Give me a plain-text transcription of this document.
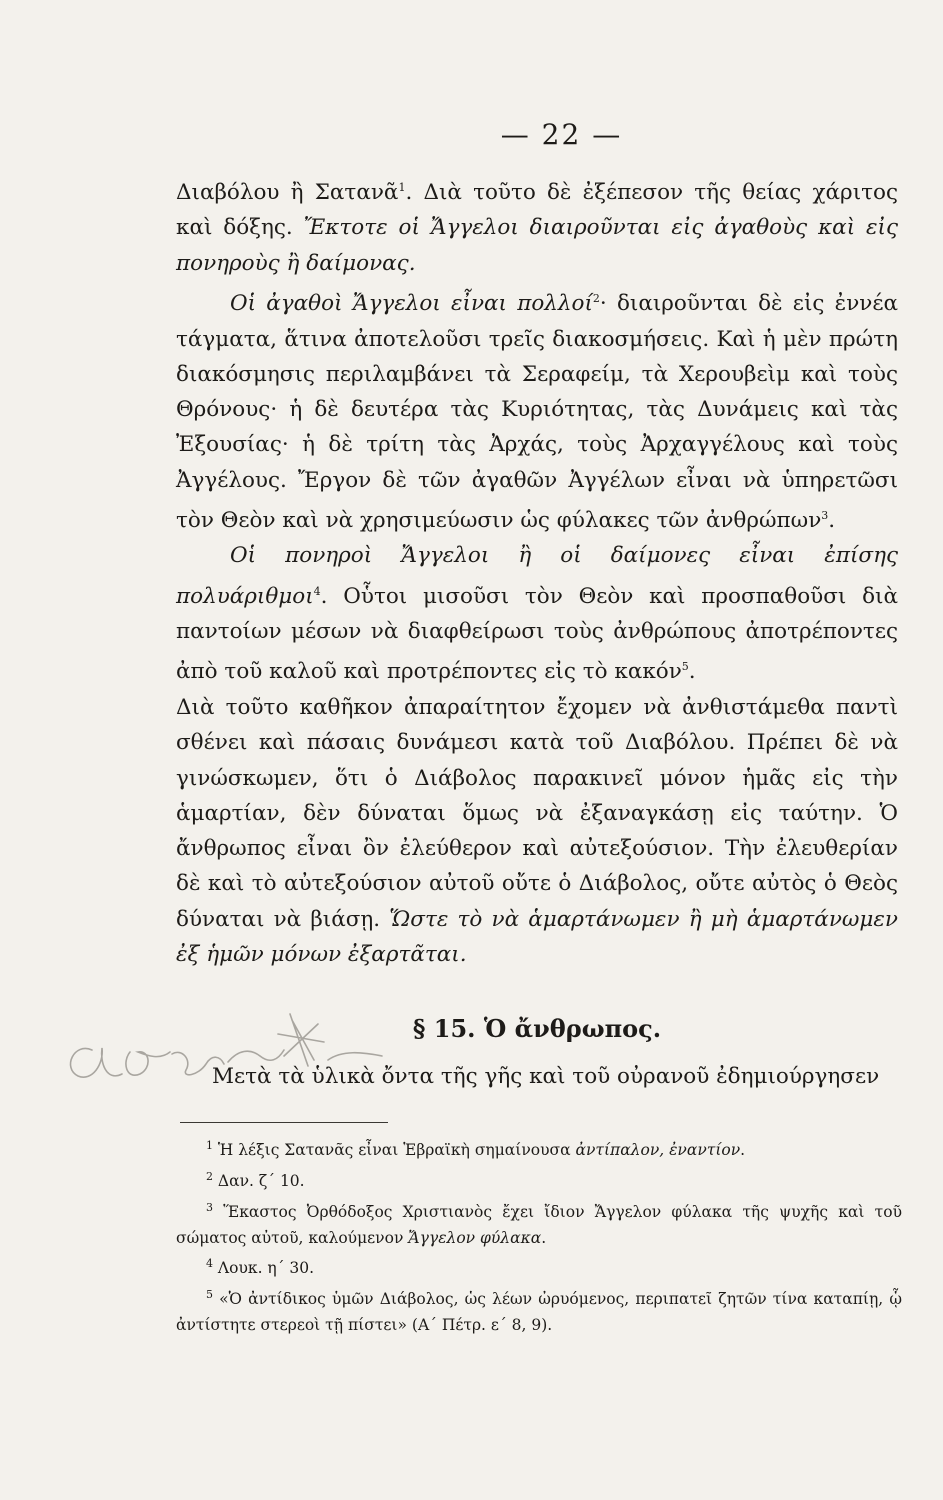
— 22 —

Διαβόλου ἢ Σατανᾶ$^1$. Διὰ τοῦτο δὲ ἐξέπεσον τῆς θείας χάριτος καὶ δόξης. Ἔκτοτε οἱ Ἄγγελοι διαιροῦνται εἰς ἀγαθοὺς καὶ εἰς πονηροὺς ἢ δαίμονας.

Οἱ ἀγαθοὶ Ἄγγελοι εἶναι πολλοί$^2$· διαιροῦνται δὲ εἰς ἐννέα τάγματα, ἅτινα ἀποτελοῦσι τρεῖς διακοσμήσεις. Καὶ ἡ μὲν πρώτη διακόσμησις περιλαμβάνει τὰ Σεραφείμ, τὰ Χερουβεὶμ καὶ τοὺς Θρόνους· ἡ δὲ δευτέρα τὰς Κυριότητας, τὰς Δυνάμεις καὶ τὰς Ἐξουσίας· ἡ δὲ τρίτη τὰς Ἀρχάς, τοὺς Ἀρχαγγέλους καὶ τοὺς Ἀγγέλους. Ἔργον δὲ τῶν ἀγαθῶν Ἀγγέλων εἶναι νὰ ὑπηρετῶσι τὸν Θεὸν καὶ νὰ χρησιμεύωσιν ὡς φύλακες τῶν ἀνθρώπων$^3$.

Οἱ πονηροὶ Ἄγγελοι ἢ οἱ δαίμονες εἶναι ἐπίσης πολυάριθμοι$^4$. Οὗτοι μισοῦσι τὸν Θεὸν καὶ προσπαθοῦσι διὰ παντοίων μέσων νὰ διαφθείρωσι τοὺς ἀνθρώπους ἀποτρέποντες ἀπὸ τοῦ καλοῦ καὶ προτρέποντες εἰς τὸ κακόν$^5$.

Διὰ τοῦτο καθῆκον ἀπαραίτητον ἔχομεν νὰ ἀνθιστάμεθα παντὶ σθένει καὶ πάσαις δυνάμεσι κατὰ τοῦ Διαβόλου. Πρέπει δὲ νὰ γινώσκωμεν, ὅτι ὁ Διάβολος παρακινεῖ μόνον ἡμᾶς εἰς τὴν ἁμαρτίαν, δὲν δύναται ὅμως νὰ ἐξαναγκάσῃ εἰς ταύτην. Ὁ ἄνθρωπος εἶναι ὂν ἐλεύθερον καὶ αὐτεξούσιον. Τὴν ἐλευθερίαν δὲ καὶ τὸ αὐτεξούσιον αὐτοῦ οὔτε ὁ Διάβολος, οὔτε αὐτὸς ὁ Θεὸς δύναται νὰ βιάσῃ. Ὥστε τὸ νὰ ἁμαρτάνωμεν ἢ μὴ ἁμαρτάνωμεν ἐξ ἡμῶν μόνων ἐξαρτᾶται.

§ 15. Ὁ ἄνθρωπος.
Μετὰ τὰ ὑλικὰ ὄντα τῆς γῆς καὶ τοῦ οὐρανοῦ ἐδημιούργησεν

$^1$ Ἡ λέξις Σατανᾶς εἶναι Ἑβραϊκὴ σημαίνουσα ἀντίπαλον, ἐναντίον.

$^2$ Δαν. ζ΄ 10.

$^3$ Ἕκαστος Ὀρθόδοξος Χριστιανὸς ἔχει ἴδιον Ἄγγελον φύλακα τῆς ψυχῆς καὶ τοῦ σώματος αὐτοῦ, καλούμενον Ἄγγελον φύλακα.

$^4$ Λουκ. η΄ 30.

$^5$ «Ὁ ἀντίδικος ὑμῶν Διάβολος, ὡς λέων ὠρυόμενος, περιπατεῖ ζητῶν τίνα καταπίῃ, ᾧ ἀντίστητε στερεοὶ τῇ πίστει» (Α΄ Πέτρ. ε΄ 8, 9).
